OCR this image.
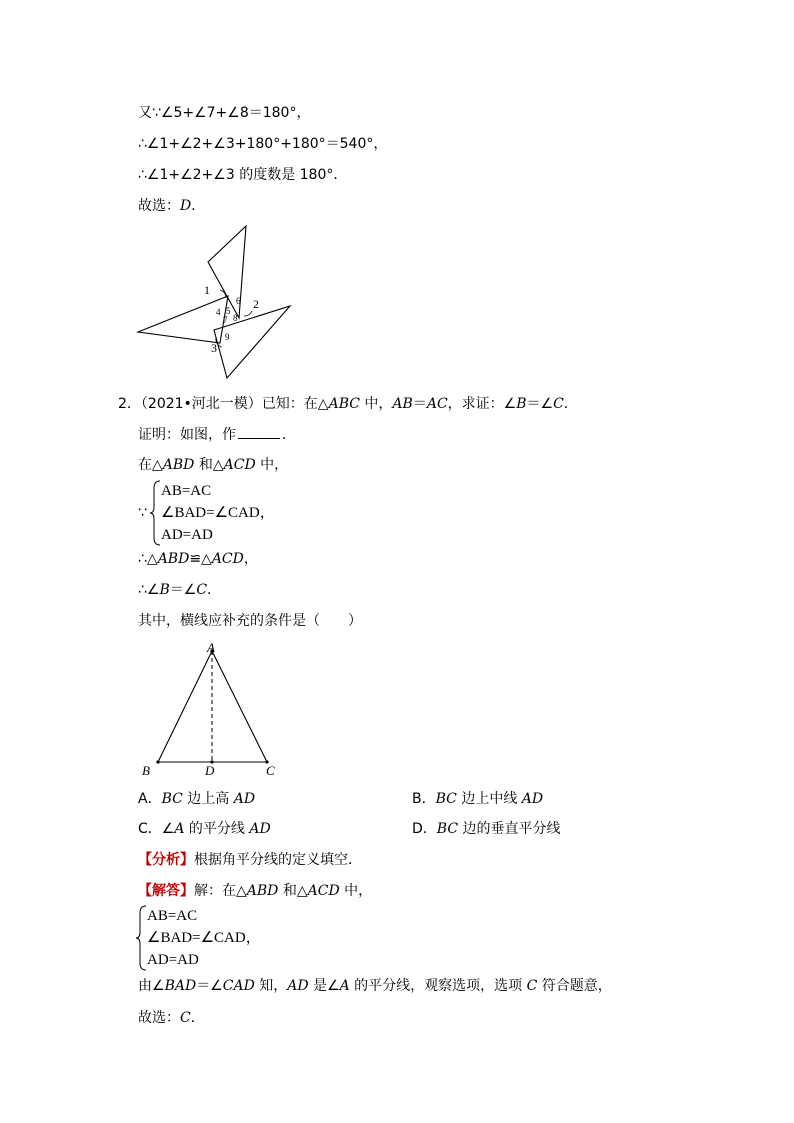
又∵∠5+∠7+∠8＝180°，
∴∠1+∠2+∠3+180°+180°＝540°，
∴∠1+∠2+∠3 的度数是 180°．
故选：D．
1
2
3
4 5
6
7 8
9
2．（2021•河北一模）已知：在△ABC 中，AB＝AC，求证：∠B＝∠C．
证明：如图，作	．
在△ABD 和△ACD 中，
∵
AB=AC
∠BAD=∠CAD，
AD=AD
∴△ABD≌△ACD，
∴∠B＝∠C．
其中，横线应补充的条件是（　　）
A
B	D	C
A．BC 边上高 AD	B．BC 边上中线 AD
C．∠A 的平分线 AD	D．BC 边的垂直平分线
【分析】根据角平分线的定义填空．
【解答】解：在△ABD 和△ACD 中，
AB=AC
∠BAD=∠CAD，
AD=AD
由∠BAD＝∠CAD 知，AD 是∠A 的平分线，观察选项，选项 C 符合题意，
故选：C．
